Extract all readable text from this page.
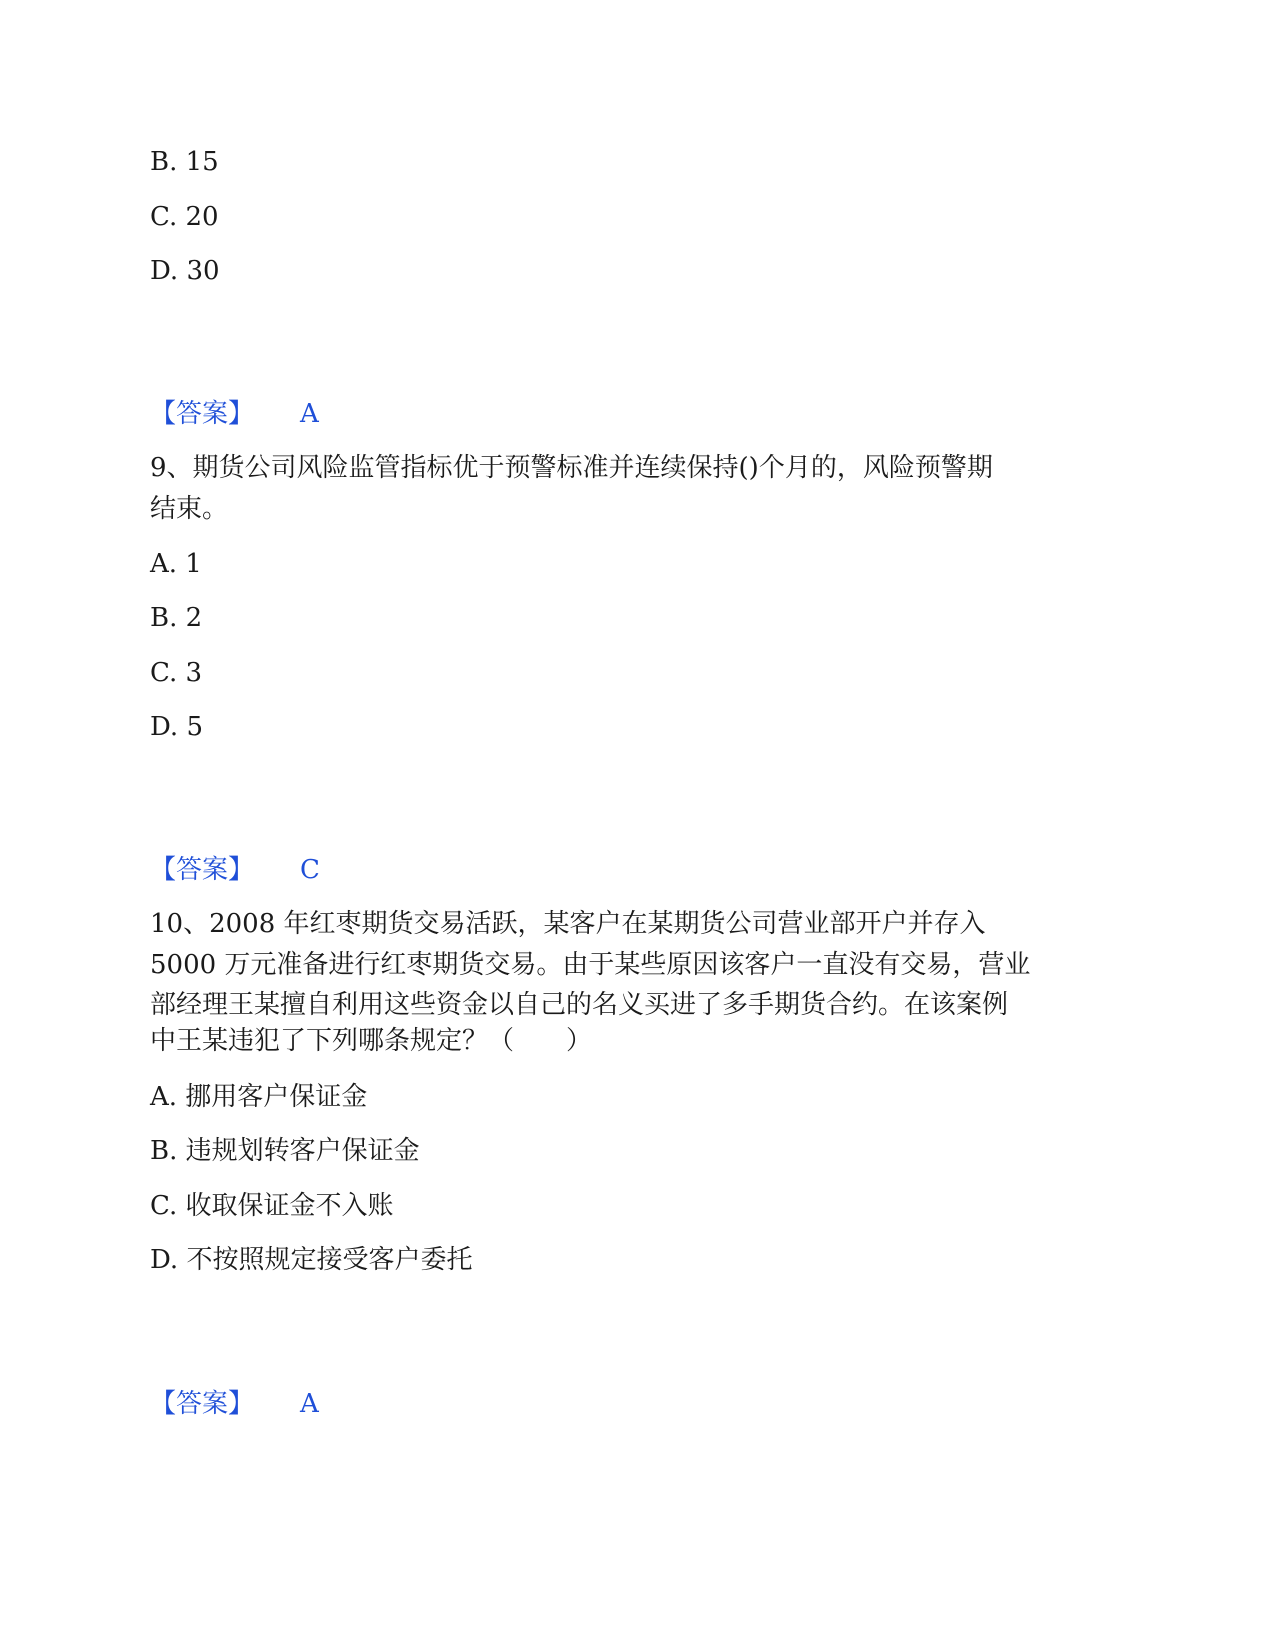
B. 15
C. 20
D. 30
【答案】 A
9、期货公司风险监管指标优于预警标准并连续保持()个月的，风险预警期
结束。
A. 1
B. 2
C. 3
D. 5
【答案】 C
10、2008 年红枣期货交易活跃，某客户在某期货公司营业部开户并存入
5000 万元准备进行红枣期货交易。由于某些原因该客户一直没有交易，营业
部经理王某擅自利用这些资金以自己的名义买进了多手期货合约。在该案例
中王某违犯了下列哪条规定？（　　）
A. 挪用客户保证金
B. 违规划转客户保证金
C. 收取保证金不入账
D. 不按照规定接受客户委托
【答案】 A
